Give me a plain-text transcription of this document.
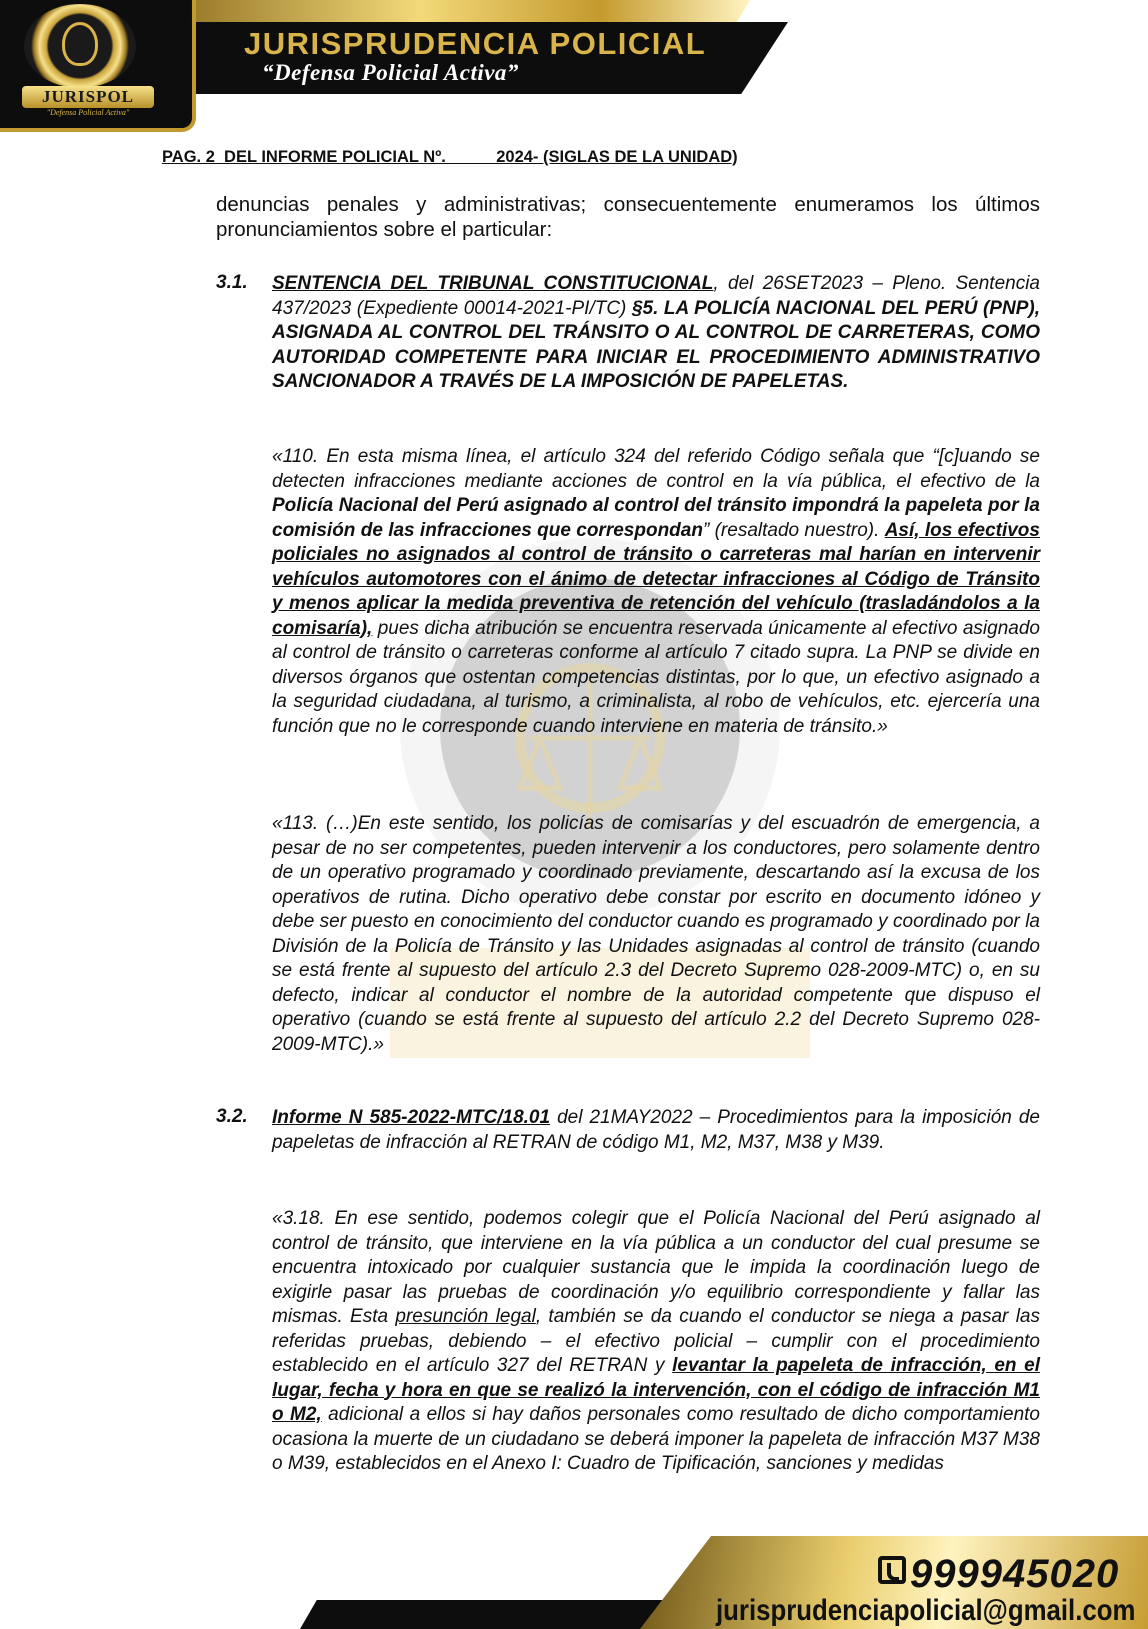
JURISPOL
"Defensa Policial Activa"
JURISPRUDENCIA POLICIAL
“Defensa Policial Activa”
PAG. 2  DEL INFORME POLICIAL Nº.           2024- (SIGLAS DE LA UNIDAD)

denuncias penales y administrativas; consecuentemente enumeramos los últimos pronunciamientos sobre el particular:

3.1. SENTENCIA DEL TRIBUNAL CONSTITUCIONAL, del 26SET2023 – Pleno. Sentencia 437/2023 (Expediente 00014-2021-PI/TC) §5. LA POLICÍA NACIONAL DEL PERÚ (PNP), ASIGNADA AL CONTROL DEL TRÁNSITO O AL CONTROL DE CARRETERAS, COMO AUTORIDAD COMPETENTE PARA INICIAR EL PROCEDIMIENTO ADMINISTRATIVO SANCIONADOR A TRAVÉS DE LA IMPOSICIÓN DE PAPELETAS.

«110. En esta misma línea, el artículo 324 del referido Código señala que “[c]uando se detecten infracciones mediante acciones de control en la vía pública, el efectivo de la Policía Nacional del Perú asignado al control del tránsito impondrá la papeleta por la comisión de las infracciones que correspondan” (resaltado nuestro). Así, los efectivos policiales no asignados al control de tránsito o carreteras mal harían en intervenir vehículos automotores con el ánimo de detectar infracciones al Código de Tránsito y menos aplicar la medida preventiva de retención del vehículo (trasladándolos a la comisaría), pues dicha atribución se encuentra reservada únicamente al efectivo asignado al control de tránsito o carreteras conforme al artículo 7 citado supra. La PNP se divide en diversos órganos que ostentan competencias distintas, por lo que, un efectivo asignado a la seguridad ciudadana, al turismo, a criminalista, al robo de vehículos, etc. ejercería una función que no le corresponde cuando interviene en materia de tránsito.»

«113. (…)En este sentido, los policías de comisarías y del escuadrón de emergencia, a pesar de no ser competentes, pueden intervenir a los conductores, pero solamente dentro de un operativo programado y coordinado previamente, descartando así la excusa de los operativos de rutina. Dicho operativo debe constar por escrito en documento idóneo y debe ser puesto en conocimiento del conductor cuando es programado y coordinado por la División de la Policía de Tránsito y las Unidades asignadas al control de tránsito (cuando se está frente al supuesto del artículo 2.3 del Decreto Supremo 028-2009-MTC) o, en su defecto, indicar al conductor el nombre de la autoridad competente que dispuso el operativo (cuando se está frente al supuesto del artículo 2.2 del Decreto Supremo 028-2009-MTC).»

3.2. Informe N 585-2022-MTC/18.01 del 21MAY2022 – Procedimientos para la imposición de papeletas de infracción al RETRAN de código M1, M2, M37, M38 y M39.

«3.18. En ese sentido, podemos colegir que el Policía Nacional del Perú asignado al control de tránsito, que interviene en la vía pública a un conductor del cual presume se encuentra intoxicado por cualquier sustancia que le impida la coordinación luego de exigirle pasar las pruebas de coordinación y/o equilibrio correspondiente y fallar las mismas. Esta presunción legal, también se da cuando el conductor se niega a pasar las referidas pruebas, debiendo – el efectivo policial – cumplir con el procedimiento establecido en el artículo 327 del RETRAN y levantar la papeleta de infracción, en el lugar, fecha y hora en que se realizó la intervención, con el código de infracción M1 o M2, adicional a ellos si hay daños personales como resultado de dicho comportamiento ocasiona la muerte de un ciudadano se deberá imponer la papeleta de infracción M37 M38 o M39, establecidos en el Anexo I: Cuadro de Tipificación, sanciones y medidas

999945020
jurisprudenciapolicial@gmail.com
